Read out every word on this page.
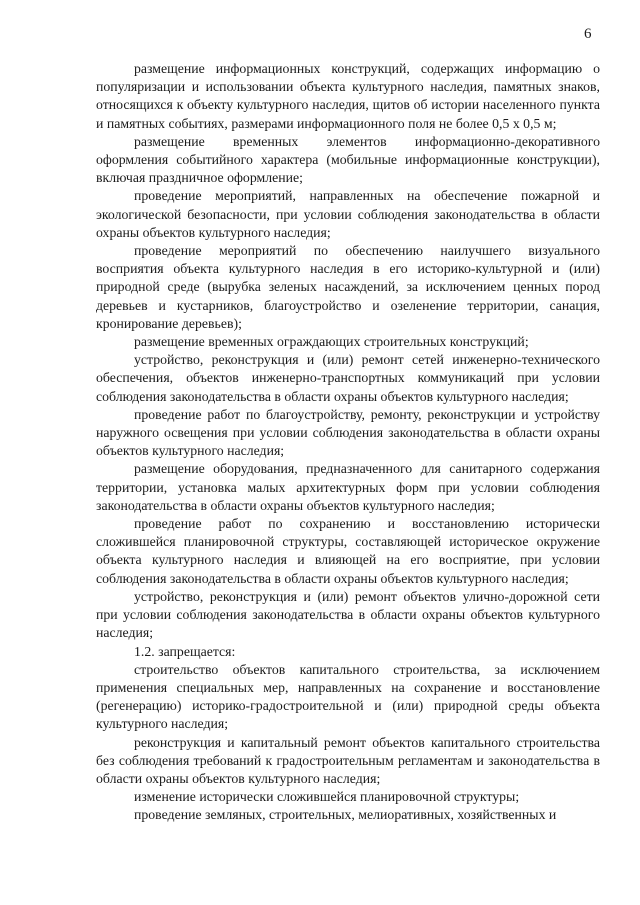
6

размещение информационных конструкций, содержащих информацию о популяризации и использовании объекта культурного наследия, памятных знаков, относящихся к объекту культурного наследия, щитов об истории населенного пункта и памятных событиях, размерами информационного поля не более 0,5 х 0,5 м;

размещение временных элементов информационно-декоративного оформления событийного характера (мобильные информационные конструкции), включая праздничное оформление;

проведение мероприятий, направленных на обеспечение пожарной и экологической безопасности, при условии соблюдения законодательства в области охраны объектов культурного наследия;

проведение мероприятий по обеспечению наилучшего визуального восприятия объекта культурного наследия в его историко-культурной и (или) природной среде (вырубка зеленых насаждений, за исключением ценных пород деревьев и кустарников, благоустройство и озеленение территории, санация, кронирование деревьев);

размещение временных ограждающих строительных конструкций;

устройство, реконструкция и (или) ремонт сетей инженерно-технического обеспечения, объектов инженерно-транспортных коммуникаций при условии соблюдения законодательства в области охраны объектов культурного наследия;

проведение работ по благоустройству, ремонту, реконструкции и устройству наружного освещения при условии соблюдения законодательства в области охраны объектов культурного наследия;

размещение оборудования, предназначенного для санитарного содержания территории, установка малых архитектурных форм при условии соблюдения законодательства в области охраны объектов культурного наследия;

проведение работ по сохранению и восстановлению исторически сложившейся планировочной структуры, составляющей историческое окружение объекта культурного наследия и влияющей на его восприятие, при условии соблюдения законодательства в области охраны объектов культурного наследия;

устройство, реконструкция и (или) ремонт объектов улично-дорожной сети при условии соблюдения законодательства в области охраны объектов культурного наследия;

1.2. запрещается:

строительство объектов капитального строительства, за исключением применения специальных мер, направленных на сохранение и восстановление (регенерацию) историко-градостроительной и (или) природной среды объекта культурного наследия;

реконструкция и капитальный ремонт объектов капитального строительства без соблюдения требований к градостроительным регламентам и законодательства в области охраны объектов культурного наследия;

изменение исторически сложившейся планировочной структуры;

проведение земляных, строительных, мелиоративных, хозяйственных и
